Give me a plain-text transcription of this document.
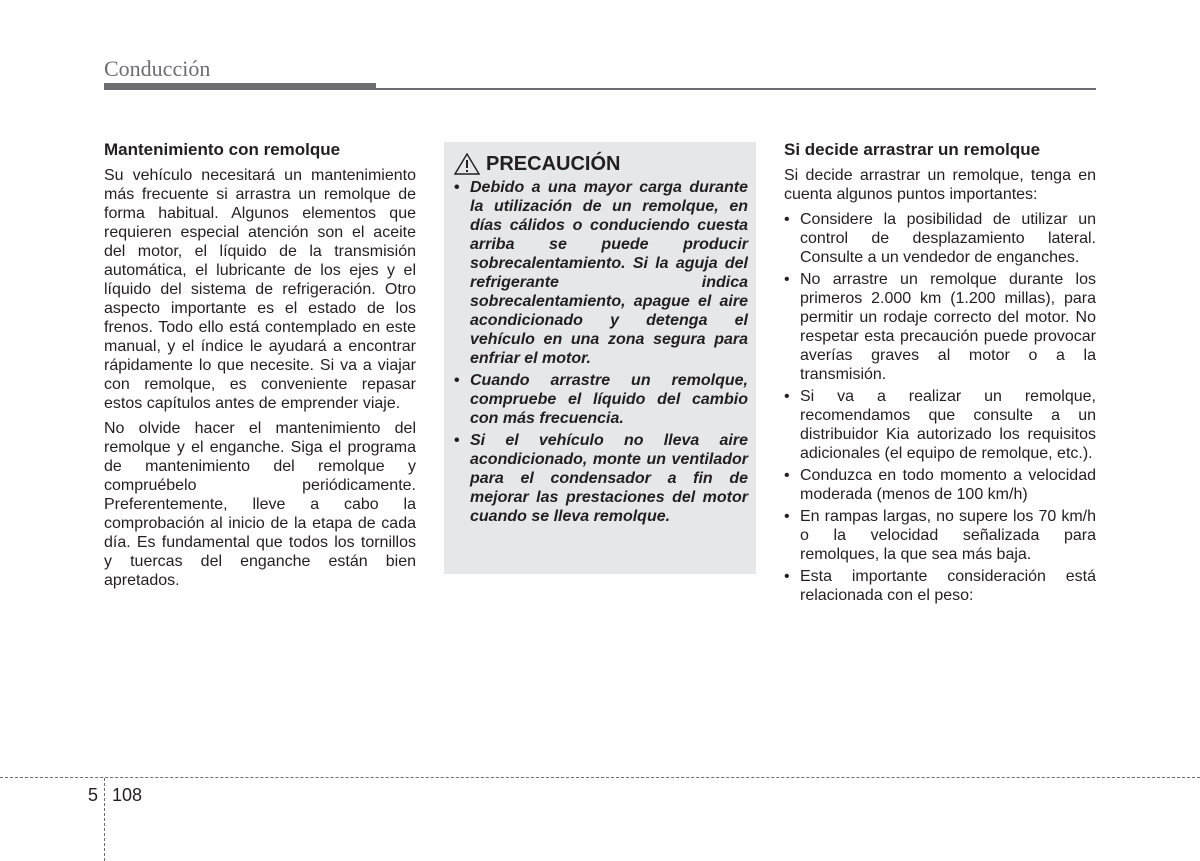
Conducción
Mantenimiento con remolque

Su vehículo necesitará un mantenimiento más frecuente si arrastra un remolque de forma habitual. Algunos elementos que requieren especial atención son el aceite del motor, el líquido de la transmisión automática, el lubricante de los ejes y el líquido del sistema de refrigeración. Otro aspecto importante es el estado de los frenos. Todo ello está contemplado en este manual, y el índice le ayudará a encontrar rápidamente lo que necesite. Si va a viajar con remolque, es conveniente repasar estos capítulos antes de emprender viaje.

No olvide hacer el mantenimiento del remolque y el enganche. Siga el programa de mantenimiento del remolque y compruébelo periódicamente. Preferentemente, lleve a cabo la comprobación al inicio de la etapa de cada día. Es fundamental que todos los tornillos y tuercas del enganche están bien apretados.

PRECAUCIÓN
• Debido a una mayor carga durante la utilización de un remolque, en días cálidos o conduciendo cuesta arriba se puede producir sobrecalentamiento. Si la aguja del refrigerante indica sobrecalentamiento, apague el aire acondicionado y detenga el vehículo en una zona segura para enfriar el motor.
• Cuando arrastre un remolque, compruebe el líquido del cambio con más frecuencia.
• Si el vehículo no lleva aire acondicionado, monte un ventilador para el condensador a fin de mejorar las prestaciones del motor cuando se lleva remolque.
Si decide arrastrar un remolque

Si decide arrastrar un remolque, tenga en cuenta algunos puntos importantes:

• Considere la posibilidad de utilizar un control de desplazamiento lateral. Consulte a un vendedor de enganches.
• No arrastre un remolque durante los primeros 2.000 km (1.200 millas), para permitir un rodaje correcto del motor. No respetar esta precaución puede provocar averías graves al motor o a la transmisión.
• Si va a realizar un remolque, recomendamos que consulte a un distribuidor Kia autorizado los requisitos adicionales (el equipo de remolque, etc.).
• Conduzca en todo momento a velocidad moderada (menos de 100 km/h)
• En rampas largas, no supere los 70 km/h o la velocidad señalizada para remolques, la que sea más baja.
• Esta importante consideración está relacionada con el peso:
5 108
